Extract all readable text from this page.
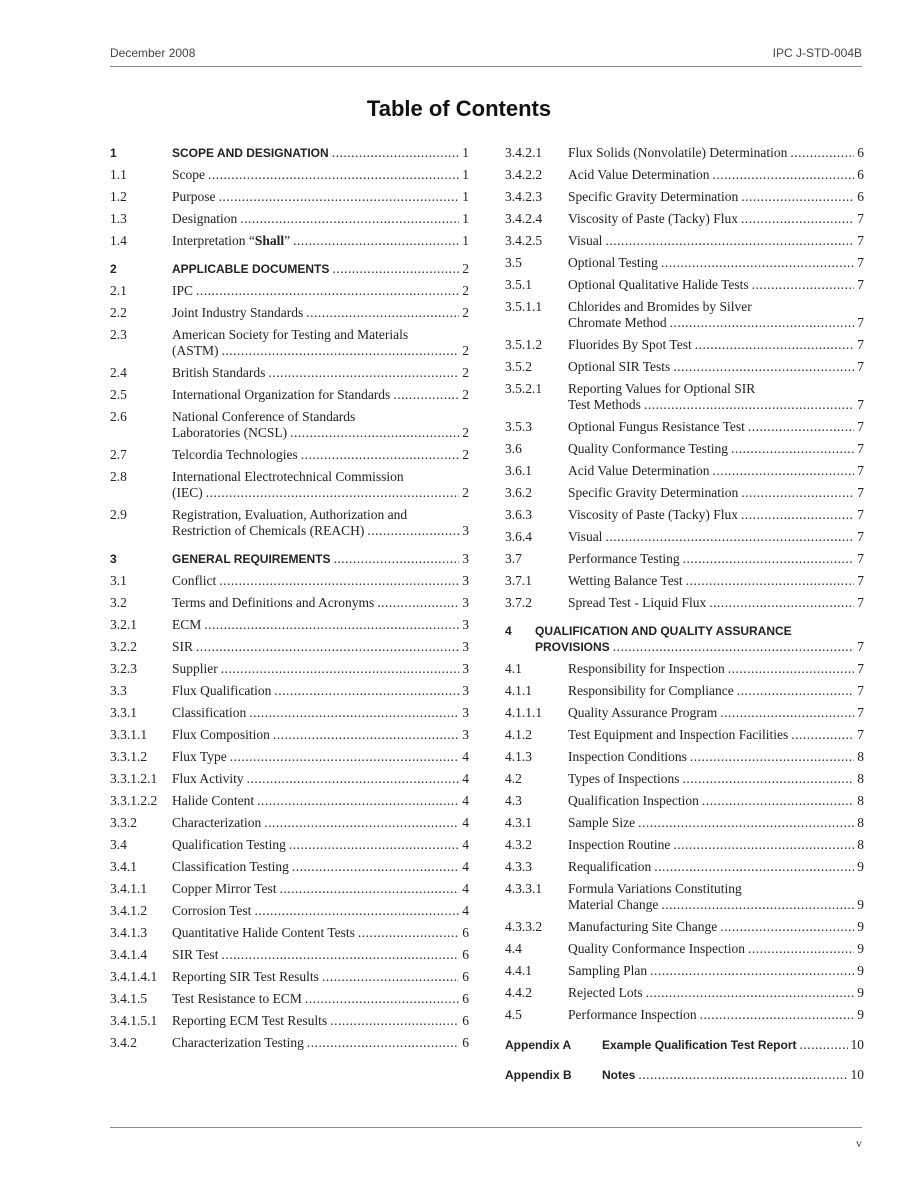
December 2008	IPC J-STD-004B
Table of Contents
1	SCOPE AND DESIGNATION .....	1
1.1	Scope .....	1
1.2	Purpose .....	1
1.3	Designation .....	1
1.4	Interpretation “Shall” .....	1
2	APPLICABLE DOCUMENTS .....	2
2.1	IPC .....	2
2.2	Joint Industry Standards .....	2
2.3	American Society for Testing and Materials
(ASTM) .....	2
2.4	British Standards .....	2
2.5	International Organization for Standards .....	2
2.6	National Conference of Standards
Laboratories (NCSL) .....	2
2.7	Telcordia Technologies .....	2
2.8	International Electrotechnical Commission
(IEC) .....	2
2.9	Registration, Evaluation, Authorization and
Restriction of Chemicals (REACH) .....	3
3	GENERAL REQUIREMENTS .....	3
3.1	Conflict .....	3
3.2	Terms and Definitions and Acronyms .....	3
3.2.1	ECM .....	3
3.2.2	SIR .....	3
3.2.3	Supplier .....	3
3.3	Flux Qualification .....	3
3.3.1	Classification .....	3
3.3.1.1	Flux Composition .....	3
3.3.1.2	Flux Type .....	4
3.3.1.2.1	Flux Activity .....	4
3.3.1.2.2	Halide Content .....	4
3.3.2	Characterization .....	4
3.4	Qualification Testing .....	4
3.4.1	Classification Testing .....	4
3.4.1.1	Copper Mirror Test .....	4
3.4.1.2	Corrosion Test .....	4
3.4.1.3	Quantitative Halide Content Tests .....	6
3.4.1.4	SIR Test .....	6
3.4.1.4.1	Reporting SIR Test Results .....	6
3.4.1.5	Test Resistance to ECM .....	6
3.4.1.5.1	Reporting ECM Test Results .....	6
3.4.2	Characterization Testing .....	6
3.4.2.1	Flux Solids (Nonvolatile) Determination .....	6
3.4.2.2	Acid Value Determination .....	6
3.4.2.3	Specific Gravity Determination .....	6
3.4.2.4	Viscosity of Paste (Tacky) Flux .....	7
3.4.2.5	Visual .....	7
3.5	Optional Testing .....	7
3.5.1	Optional Qualitative Halide Tests .....	7
3.5.1.1	Chlorides and Bromides by Silver
Chromate Method .....	7
3.5.1.2	Fluorides By Spot Test .....	7
3.5.2	Optional SIR Tests .....	7
3.5.2.1	Reporting Values for Optional SIR
Test Methods .....	7
3.5.3	Optional Fungus Resistance Test .....	7
3.6	Quality Conformance Testing .....	7
3.6.1	Acid Value Determination .....	7
3.6.2	Specific Gravity Determination .....	7
3.6.3	Viscosity of Paste (Tacky) Flux .....	7
3.6.4	Visual .....	7
3.7	Performance Testing .....	7
3.7.1	Wetting Balance Test .....	7
3.7.2	Spread Test - Liquid Flux .....	7
4	QUALIFICATION AND QUALITY ASSURANCE
PROVISIONS .....	7
4.1	Responsibility for Inspection .....	7
4.1.1	Responsibility for Compliance .....	7
4.1.1.1	Quality Assurance Program .....	7
4.1.2	Test Equipment and Inspection Facilities .....	7
4.1.3	Inspection Conditions .....	8
4.2	Types of Inspections .....	8
4.3	Qualification Inspection .....	8
4.3.1	Sample Size .....	8
4.3.2	Inspection Routine .....	8
4.3.3	Requalification .....	9
4.3.3.1	Formula Variations Constituting
Material Change .....	9
4.3.3.2	Manufacturing Site Change .....	9
4.4	Quality Conformance Inspection .....	9
4.4.1	Sampling Plan .....	9
4.4.2	Rejected Lots .....	9
4.5	Performance Inspection .....	9
Appendix A	Example Qualification Test Report .....	10
Appendix B	Notes .....	10
v
